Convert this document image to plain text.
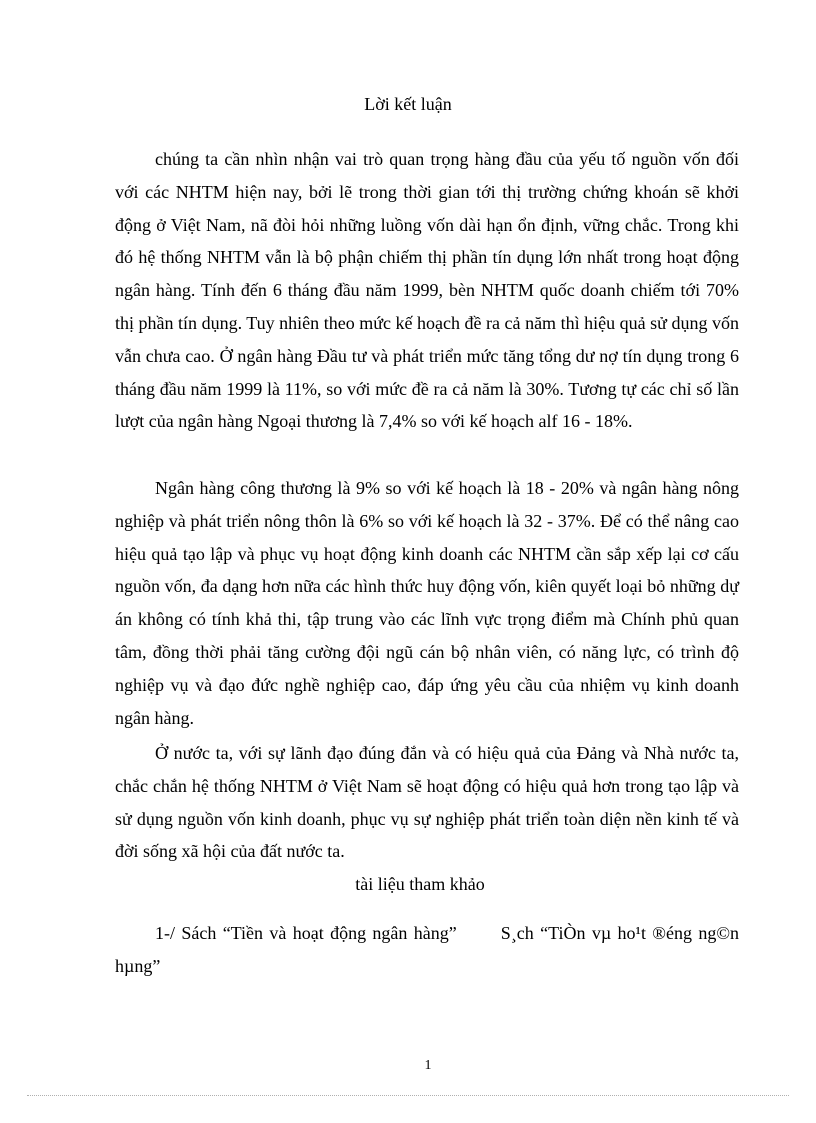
Lời kết luận

chúng ta cần nhìn nhận vai trò quan trọng hàng đầu của yếu tố nguồn vốn đối với các NHTM hiện nay, bởi lẽ trong thời gian tới thị trường chứng khoán sẽ khởi động ở Việt Nam, nã đòi hỏi những luồng vốn dài hạn ổn định, vững chắc. Trong khi đó hệ thống NHTM vẫn là bộ phận chiếm thị phần tín dụng lớn nhất trong hoạt động ngân hàng. Tính đến 6 tháng đầu năm 1999, bèn NHTM quốc doanh chiếm tới 70% thị phần tín dụng. Tuy nhiên theo mức kế hoạch đề ra cả năm thì hiệu quả sử dụng vốn vẫn chưa cao. Ở ngân hàng Đầu tư và phát triển mức tăng tổng dư nợ tín dụng trong 6 tháng đầu năm 1999 là 11%, so với mức đề ra cả năm là 30%. Tương tự các chỉ số lần lượt của ngân hàng Ngoại thương là 7,4% so với kế hoạch alf 16 - 18%.

Ngân hàng công thương là 9% so với kế hoạch là 18 - 20% và ngân hàng nông nghiệp và phát triển nông thôn là 6% so với kế hoạch là 32 - 37%. Để có thể nâng cao hiệu quả tạo lập và phục vụ hoạt động kinh doanh các NHTM cần sắp xếp lại cơ cấu nguồn vốn, đa dạng hơn nữa các hình thức huy động vốn, kiên quyết loại bỏ những dự án không có tính khả thi, tập trung vào các lĩnh vực trọng điểm mà Chính phủ quan tâm, đồng thời phải tăng cường đội ngũ cán bộ nhân viên, có năng lực, có trình độ nghiệp vụ và đạo đức nghề nghiệp cao, đáp ứng yêu cầu của nhiệm vụ kinh doanh ngân hàng.

Ở nước ta, với sự lãnh đạo đúng đắn và có hiệu quả của Đảng và Nhà nước ta, chắc chắn hệ thống NHTM ở Việt Nam sẽ hoạt động có hiệu quả hơn trong tạo lập và sử dụng nguồn vốn kinh doanh, phục vụ sự nghiệp phát triển toàn diện nền kinh tế và đời sống xã hội của đất nước ta.

tài liệu tham khảo

1-/ Sách “Tiền và hoạt động ngân hàng” S¸ch “TiÒn vµ ho¹t ®éng ng©n hµng”

1
